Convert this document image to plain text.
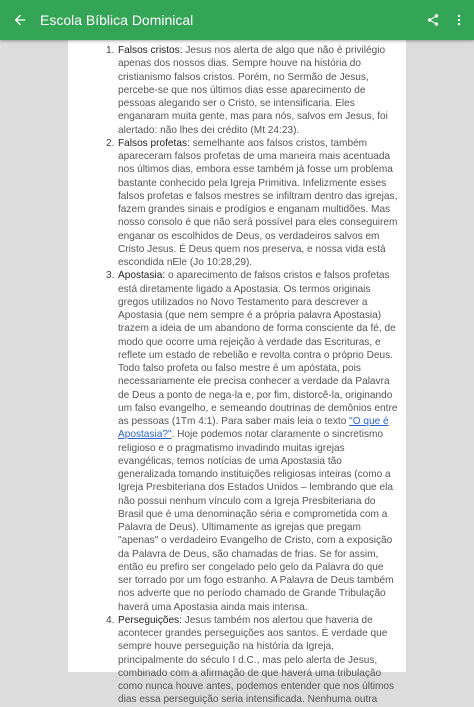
Escola Bíblica Dominical
1. Falsos cristos: Jesus nos alerta de algo que não é privilégio apenas dos nossos dias. Sempre houve na história do cristianismo falsos cristos. Porém, no Sermão de Jesus, percebe-se que nos últimos dias esse aparecimento de pessoas alegando ser o Cristo, se intensificaria. Eles enganaram muita gente, mas para nós, salvos em Jesus, foi alertado: não lhes dei crédito (Mt 24:23).
2. Falsos profetas: semelhante aos falsos cristos, também apareceram falsos profetas de uma maneira mais acentuada nos últimos dias, embora esse também já fosse um problema bastante conhecido pela Igreja Primitiva. Infelizmente esses falsos profetas e falsos mestres se infiltram dentro das igrejas, fazem grandes sinais e prodígios e enganam multidões. Mas nosso consolo é que não será possível para eles conseguirem enganar os escolhidos de Deus, os verdadeiros salvos em Cristo Jesus. É Deus quem nos preserva, e nossa vida está escondida nEle (Jo 10:28,29).
3. Apostasia: o aparecimento de falsos cristos e falsos profetas está diretamente ligado a Apostasia. Os termos originais gregos utilizados no Novo Testamento para descrever a Apostasia (que nem sempre é a própria palavra Apostasia) trazem a ideia de um abandono de forma consciente da fé, de modo que ocorre uma rejeição à verdade das Escrituras, e reflete um estado de rebelião e revolta contra o próprio Deus. Todo falso profeta ou falso mestre é um apóstata, pois necessariamente ele precisa conhecer a verdade da Palavra de Deus a ponto de nega-la e, por fim, distorcê-la, originando um falso evangelho, e semeando doutrinas de demônios entre as pessoas (1Tm 4:1). Para saber mais leia o texto "O que é Apostasia?". Hoje podemos notar claramente o sincretismo religioso e o pragmatismo invadindo muitas igrejas evangélicas, temos notícias de uma Apostasia tão generalizada tomando instituições religiosas inteiras (como a Igreja Presbiteriana dos Estados Unidos – lembrando que ela não possui nenhum vínculo com a Igreja Presbiteriana do Brasil que é uma denominação séria e comprometida com a Palavra de Deus). Ultimamente as igrejas que pregam "apenas" o verdadeiro Evangelho de Cristo, com a exposição da Palavra de Deus, são chamadas de frias. Se for assim, então eu prefiro ser congelado pelo gelo da Palavra do que ser torrado por um fogo estranho. A Palavra de Deus também nos adverte que no período chamado de Grande Tribulação haverá uma Apostasia ainda mais intensa.
4. Perseguições: Jesus também nos alertou que haveria de acontecer grandes perseguições aos santos. É verdade que sempre houve perseguição na história da Igreja, principalmente do século I d.C., mas pelo alerta de Jesus, combinado com a afirmação de que haverá uma tribulação como nunca houve antes, podemos entender que nos últimos dias essa perseguição seria intensificada. Nenhuma outra
